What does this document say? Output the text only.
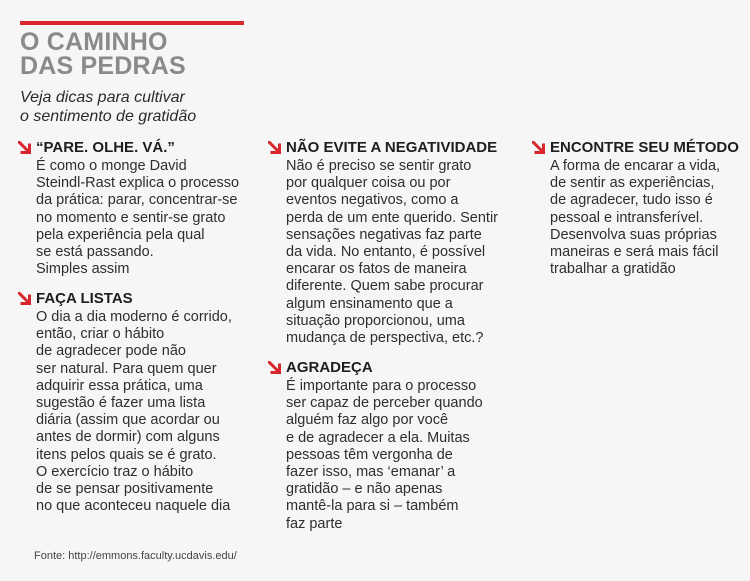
O CAMINHO
DAS PEDRAS

Veja dicas para cultivar
o sentimento de gratidão

“PARE. OLHE. VÁ.”

É como o monge David
Steindl-Rast explica o processo
da prática: parar, concentrar-se
no momento e sentir-se grato
pela experiência pela qual
se está passando.
Simples assim

FAÇA LISTAS

O dia a dia moderno é corrido,
então, criar o hábito
de agradecer pode não
ser natural. Para quem quer
adquirir essa prática, uma
sugestão é fazer uma lista
diária (assim que acordar ou
antes de dormir) com alguns
itens pelos quais se é grato.
O exercício traz o hábito
de se pensar positivamente
no que aconteceu naquele dia

NÃO EVITE A NEGATIVIDADE

Não é preciso se sentir grato
por qualquer coisa ou por
eventos negativos, como a
perda de um ente querido. Sentir
sensações negativas faz parte
da vida. No entanto, é possível
encarar os fatos de maneira
diferente. Quem sabe procurar
algum ensinamento que a
situação proporcionou, uma
mudança de perspectiva, etc.?

AGRADEÇA

É importante para o processo
ser capaz de perceber quando
alguém faz algo por você
e de agradecer a ela. Muitas
pessoas têm vergonha de
fazer isso, mas ‘emanar’ a
gratidão – e não apenas
mantê-la para si – também
faz parte

ENCONTRE SEU MÉTODO

A forma de encarar a vida,
de sentir as experiências,
de agradecer, tudo isso é
pessoal e intransferível.
Desenvolva suas próprias
maneiras e será mais fácil
trabalhar a gratidão

Fonte: http://emmons.faculty.ucdavis.edu/
